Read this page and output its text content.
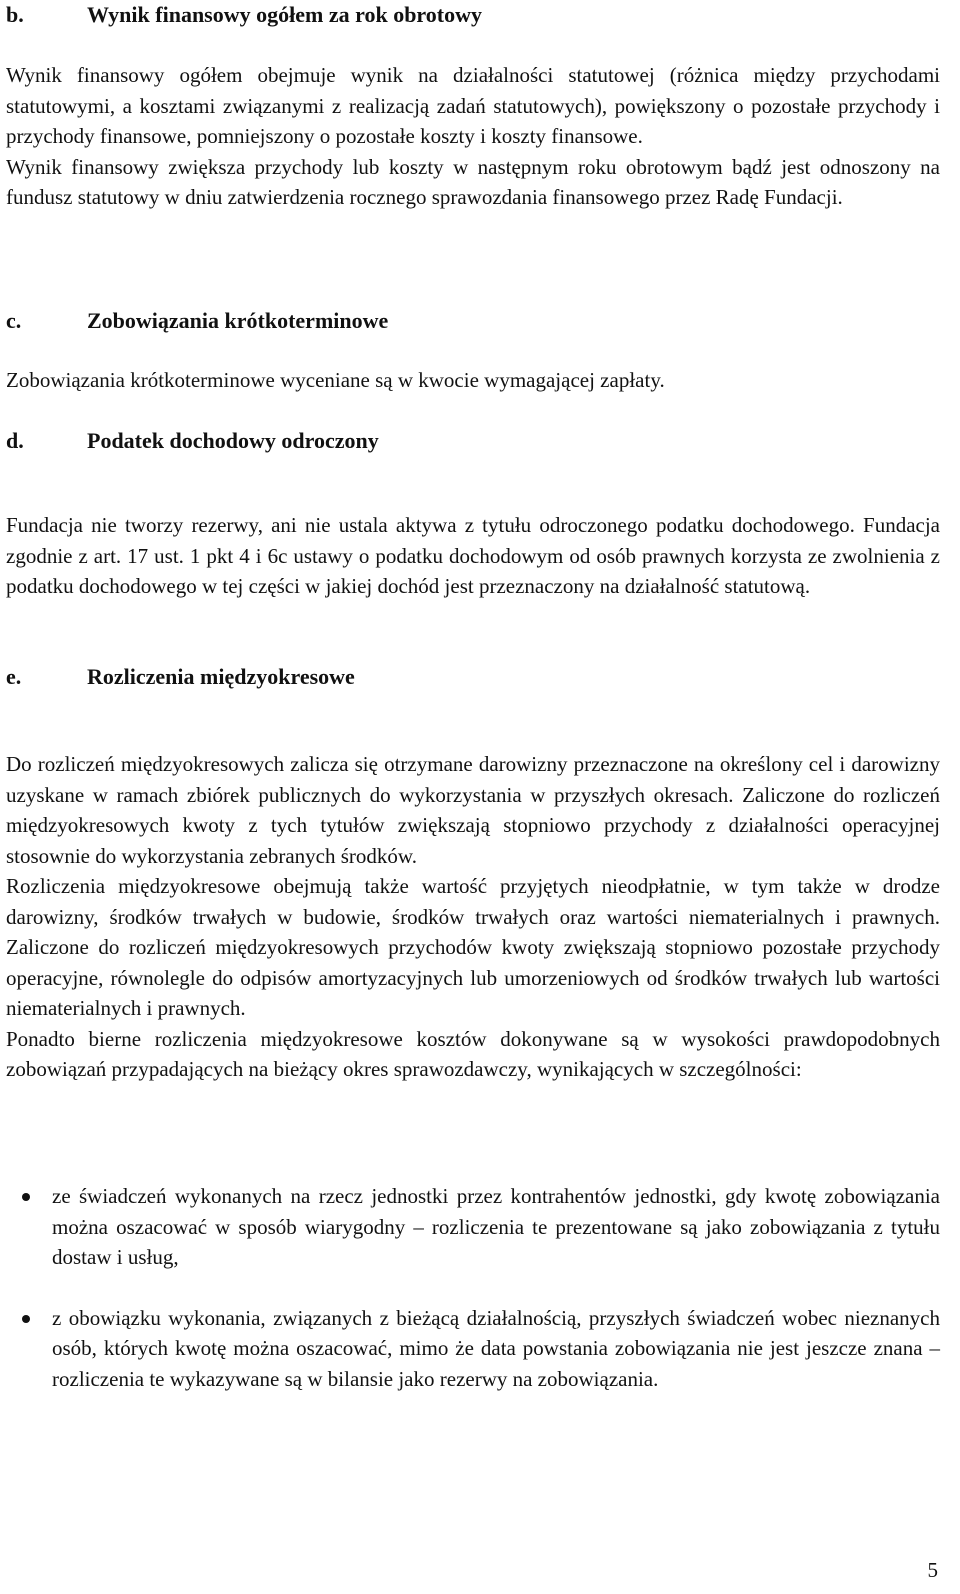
b.	Wynik finansowy ogółem za rok obrotowy

Wynik finansowy ogółem obejmuje wynik na działalności statutowej (różnica między przychodami statutowymi, a kosztami związanymi z realizacją zadań statutowych), powiększony o pozostałe przychody i przychody finansowe, pomniejszony o pozostałe koszty i koszty finansowe.

Wynik finansowy zwiększa przychody lub koszty w następnym roku obrotowym bądź jest odnoszony na fundusz statutowy w dniu zatwierdzenia rocznego sprawozdania finansowego przez Radę Fundacji.

c.	Zobowiązania krótkoterminowe

Zobowiązania krótkoterminowe wyceniane są w kwocie wymagającej zapłaty.

d.	Podatek dochodowy odroczony

Fundacja nie tworzy rezerwy, ani nie ustala aktywa z tytułu odroczonego podatku dochodowego. Fundacja zgodnie z art. 17 ust. 1 pkt 4 i 6c ustawy o podatku dochodowym od osób prawnych korzysta ze zwolnienia z podatku dochodowego w tej części w jakiej dochód jest przeznaczony na działalność statutową.

e.	Rozliczenia międzyokresowe

Do rozliczeń międzyokresowych zalicza się otrzymane darowizny przeznaczone na określony cel i darowizny uzyskane w ramach zbiórek publicznych do wykorzystania w przyszłych okresach. Zaliczone do rozliczeń międzyokresowych kwoty z tych tytułów zwiększają stopniowo przychody z działalności operacyjnej stosownie do wykorzystania zebranych środków.

Rozliczenia międzyokresowe obejmują także wartość przyjętych nieodpłatnie, w tym także w drodze darowizny, środków trwałych w budowie, środków trwałych oraz wartości niematerialnych i prawnych. Zaliczone do rozliczeń międzyokresowych przychodów kwoty zwiększają stopniowo pozostałe przychody operacyjne, równolegle do odpisów amortyzacyjnych lub umorzeniowych od środków trwałych lub wartości niematerialnych i prawnych.

Ponadto bierne rozliczenia międzyokresowe kosztów dokonywane są w wysokości prawdopodobnych zobowiązań przypadających na bieżący okres sprawozdawczy, wynikających w szczególności:

ze świadczeń wykonanych na rzecz jednostki przez kontrahentów jednostki, gdy kwotę zobowiązania można oszacować w sposób wiarygodny – rozliczenia te prezentowane są jako zobowiązania z tytułu dostaw i usług,
z obowiązku wykonania, związanych z bieżącą działalnością, przyszłych świadczeń wobec nieznanych osób, których kwotę można oszacować, mimo że data powstania zobowiązania nie jest jeszcze znana – rozliczenia te wykazywane są w bilansie jako rezerwy na zobowiązania.
5
